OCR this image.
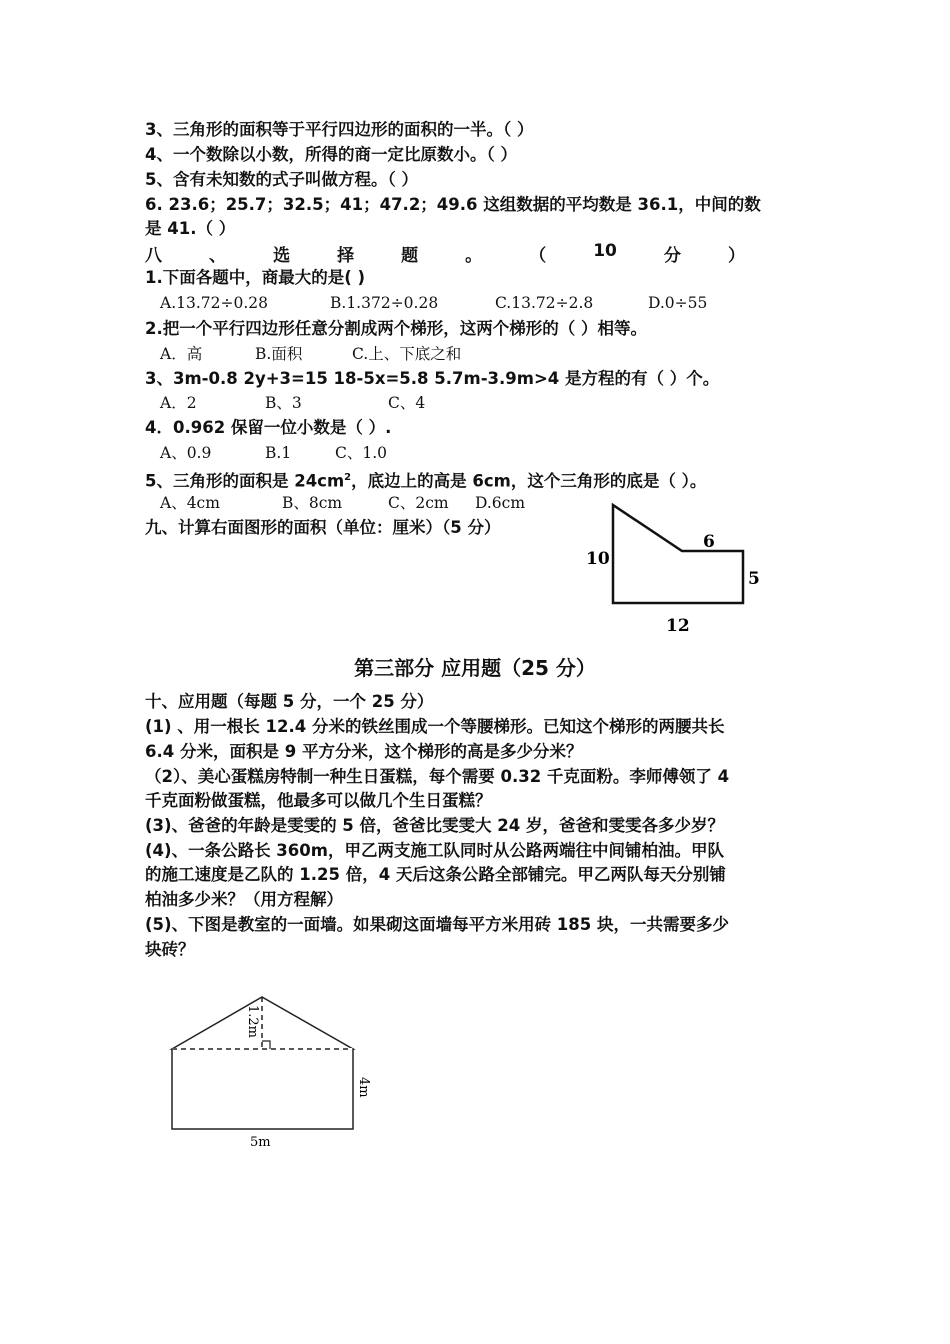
3、三角形的面积等于平行四边形的面积的一半。（ ）
4、一个数除以小数，所得的商一定比原数小。（ ）
5、含有未知数的式子叫做方程。（ ）
6. 23.6；25.7；32.5；41；47.2；49.6 这组数据的平均数是 36.1，中间的数
是 41.（ ）
八	、	选	择	题	。	（	10	分	）
1.下面各题中，商最大的是( )
A.13.72÷0.28	B.1.372÷0.28	C.13.72÷2.8	D.0÷55
2.把一个平行四边形任意分割成两个梯形，这两个梯形的（ ）相等。
A．高	B.面积	C.上、下底之和
3、3m-0.8 2y+3=15 18-5x=5.8 5.7m-3.9m>4 是方程的有（ ）个。
A．2	B、3	C、4
4．0.962 保留一位小数是（ ）.
A、0.9	B.1	C、1.0
5、三角形的面积是 $24cm^2$，底边上的高是 6cm，这个三角形的底是（ ）。
A、4cm	B、8cm	C、2cm D.6cm
九、计算右面图形的面积（单位：厘米）（5 分）
10
6
5
12
第三部分 应用题（25 分）
十、应用题（每题 5 分，一个 25 分）
(1) 、用一根长 12.4 分米的铁丝围成一个等腰梯形。已知这个梯形的两腰共长
6.4 分米，面积是 9 平方分米，这个梯形的高是多少分米？
（2）、美心蛋糕房特制一种生日蛋糕，每个需要 0.32 千克面粉。李师傅领了 4
千克面粉做蛋糕，他最多可以做几个生日蛋糕？
(3)、爸爸的年龄是雯雯的 5 倍，爸爸比雯雯大 24 岁，爸爸和雯雯各多少岁？
(4)、一条公路长 360m，甲乙两支施工队同时从公路两端往中间铺柏油。甲队
的施工速度是乙队的 1.25 倍，4 天后这条公路全部铺完。甲乙两队每天分别铺
柏油多少米？（用方程解）
(5)、下图是教室的一面墙。如果砌这面墙每平方米用砖 185 块，一共需要多少
块砖？
1.2m
4m
5m
